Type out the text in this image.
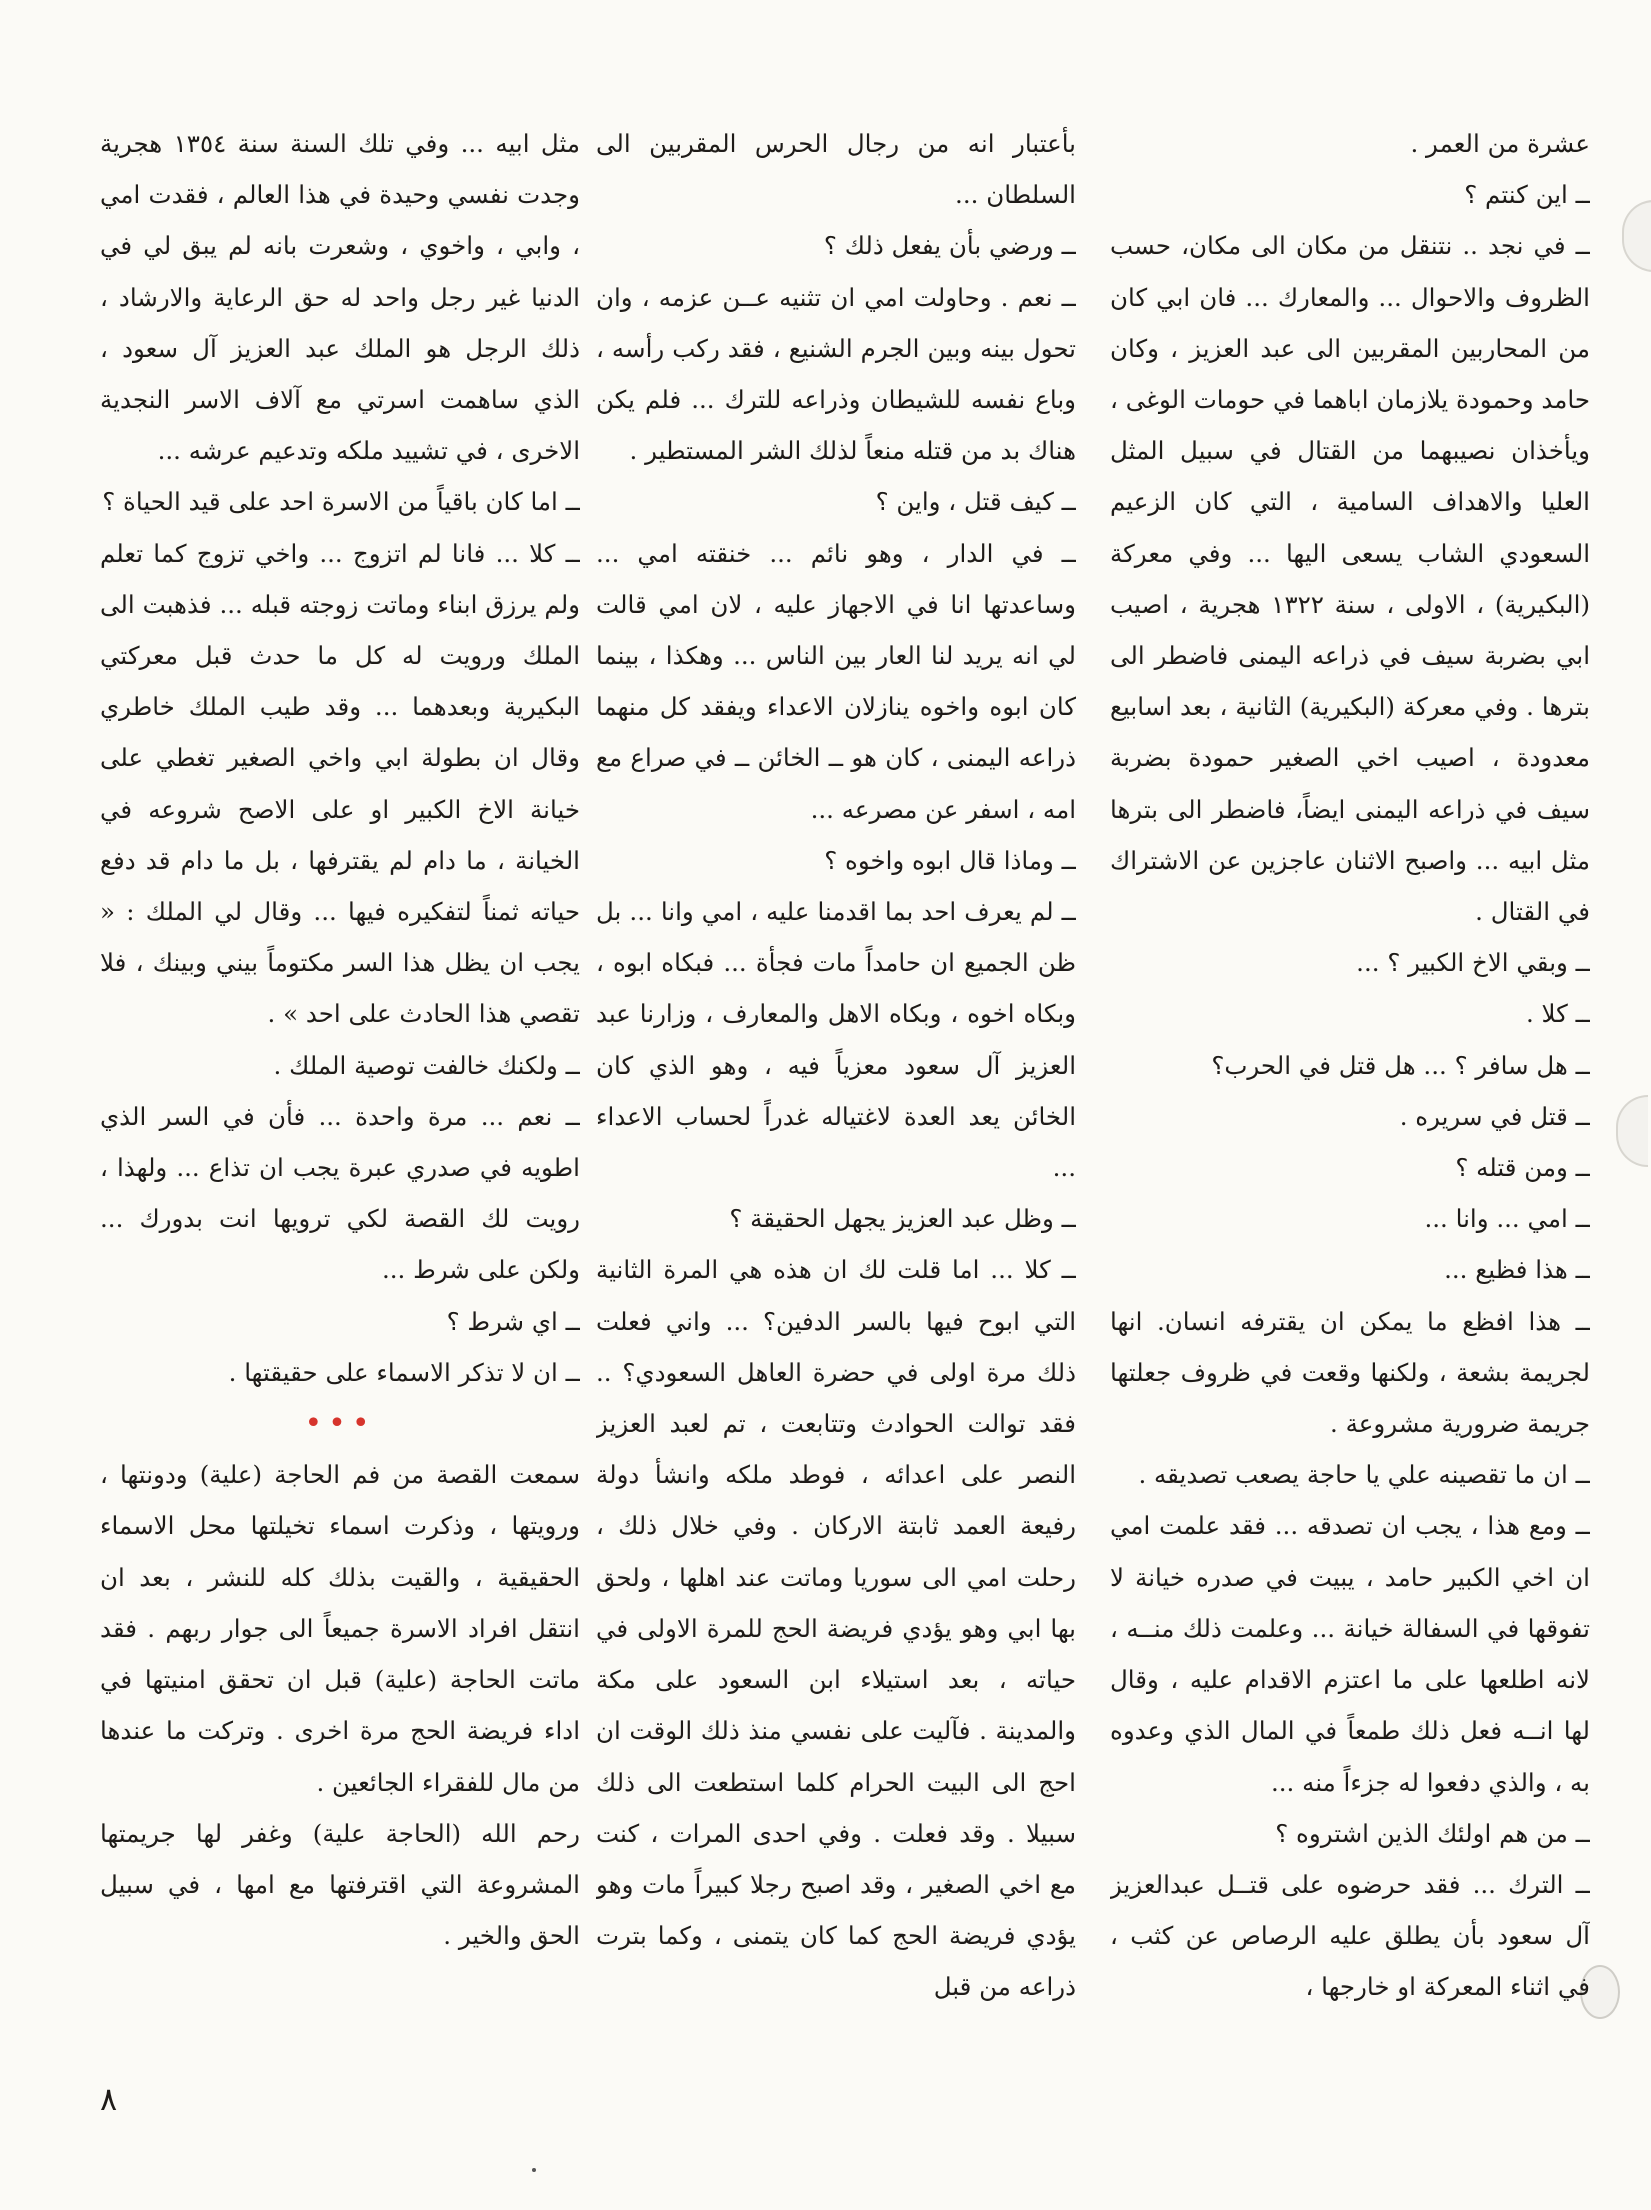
عشرة من العمر .

ــ اين كنتم ؟

ــ في نجد .. نتنقل من مكان الى مكان، حسب الظروف والاحوال ... والمعارك ... فان ابي كان من المحاربين المقربين الى عبد العزيز ، وكان حامد وحمودة يلازمان اباهما في حومات الوغى ، ويأخذان نصيبهما من القتال في سبيل المثل العليا والاهداف السامية ، التي كان الزعيم السعودي الشاب يسعى اليها ... وفي معركة (البكيرية) ، الاولى ، سنة ١٣٢٢ هجرية ، اصيب ابي بضربة سيف في ذراعه اليمنى فاضطر الى بترها . وفي معركة (البكيرية) الثانية ، بعد اسابيع معدودة ، اصيب اخي الصغير حمودة بضربة سيف في ذراعه اليمنى ايضاً، فاضطر الى بترها مثل ابيه ... واصبح الاثنان عاجزين عن الاشتراك في القتال .

ــ وبقي الاخ الكبير ؟ ...

ــ كلا .

ــ هل سافر ؟ ... هل قتل في الحرب؟

ــ قتل في سريره .

ــ ومن قتله ؟

ــ امي ... وانا ...

ــ هذا فظيع ...

ــ هذا افظع ما يمكن ان يقترفه انسان. انها لجريمة بشعة ، ولكنها وقعت في ظروف جعلتها جريمة ضرورية مشروعة .

ــ ان ما تقصينه علي يا حاجة يصعب تصديقه .

ــ ومع هذا ، يجب ان تصدقه ... فقد علمت امي ان اخي الكبير حامد ، يبيت في صدره خيانة لا تفوقها في السفالة خيانة ... وعلمت ذلك منــه ، لانه اطلعها على ما اعتزم الاقدام عليه ، وقال لها انــه فعل ذلك طمعاً في المال الذي وعدوه به ، والذي دفعوا له جزءاً منه ...

ــ من هم اولئك الذين اشتروه ؟

ــ الترك ... فقد حرضوه على قتــل عبدالعزيز آل سعود بأن يطلق عليه الرصاص عن كثب ، في اثناء المعركة او خارجها ،

بأعتبار انه من رجال الحرس المقربين الى السلطان ...

ــ ورضي بأن يفعل ذلك ؟

ــ نعم . وحاولت امي ان تثنيه عــن عزمه ، وان تحول بينه وبين الجرم الشنيع ، فقد ركب رأسه ، وباع نفسه للشيطان وذراعه للترك ... فلم يكن هناك بد من قتله منعاً لذلك الشر المستطير .

ــ كيف قتل ، واين ؟

ــ في الدار ، وهو نائم ... خنقته امي ... وساعدتها انا في الاجهاز عليه ، لان امي قالت لي انه يريد لنا العار بين الناس ... وهكذا ، بينما كان ابوه واخوه ينازلان الاعداء ويفقد كل منهما ذراعه اليمنى ، كان هو ــ الخائن ــ في صراع مع امه ، اسفر عن مصرعه ...

ــ وماذا قال ابوه واخوه ؟

ــ لم يعرف احد بما اقدمنا عليه ، امي وانا ... بل ظن الجميع ان حامداً مات فجأة ... فبكاه ابوه ، وبكاه اخوه ، وبكاه الاهل والمعارف ، وزارنا عبد العزيز آل سعود معزياً فيه ، وهو الذي كان الخائن يعد العدة لاغتياله غدراً لحساب الاعداء ...

ــ وظل عبد العزيز يجهل الحقيقة ؟

ــ كلا ... اما قلت لك ان هذه هي المرة الثانية التي ابوح فيها بالسر الدفين؟ ... واني فعلت ذلك مرة اولى في حضرة العاهل السعودي؟ .. فقد توالت الحوادث وتتابعت ، تم لعبد العزيز النصر على اعدائه ، فوطد ملكه وانشأ دولة رفيعة العمد ثابتة الاركان . وفي خلال ذلك ، رحلت امي الى سوريا وماتت عند اهلها ، ولحق بها ابي وهو يؤدي فريضة الحج للمرة الاولى في حياته ، بعد استيلاء ابن السعود على مكة والمدينة . فآليت على نفسي منذ ذلك الوقت ان احج الى البيت الحرام كلما استطعت الى ذلك سبيلا . وقد فعلت . وفي احدى المرات ، كنت مع اخي الصغير ، وقد اصبح رجلا كبيراً مات وهو يؤدي فريضة الحج كما كان يتمنى ، وكما بترت ذراعه من قبل

مثل ابيه ... وفي تلك السنة سنة ١٣٥٤ هجرية وجدت نفسي وحيدة في هذا العالم ، فقدت امي ، وابي ، واخوي ، وشعرت بانه لم يبق لي في الدنيا غير رجل واحد له حق الرعاية والارشاد ، ذلك الرجل هو الملك عبد العزيز آل سعود ، الذي ساهمت اسرتي مع آلاف الاسر النجدية الاخرى ، في تشييد ملكه وتدعيم عرشه ...

ــ اما كان باقياً من الاسرة احد على قيد الحياة ؟

ــ كلا ... فانا لم اتزوج ... واخي تزوج كما تعلم ولم يرزق ابناء وماتت زوجته قبله ... فذهبت الى الملك ورويت له كل ما حدث قبل معركتي البكيرية وبعدهما ... وقد طيب الملك خاطري وقال ان بطولة ابي واخي الصغير تغطي على خيانة الاخ الكبير او على الاصح شروعه في الخيانة ، ما دام لم يقترفها ، بل ما دام قد دفع حياته ثمناً لتفكيره فيها ... وقال لي الملك : « يجب ان يظل هذا السر مكتوماً بيني وبينك ، فلا تقصي هذا الحادث على احد » .

ــ ولكنك خالفت توصية الملك .

ــ نعم ... مرة واحدة ... فأن في السر الذي اطويه في صدري عبرة يجب ان تذاع ... ولهذا ، رويت لك القصة لكي ترويها انت بدورك ... ولكن على شرط ...

ــ اي شرط ؟

ــ ان لا تذكر الاسماء على حقيقتها .

•••

سمعت القصة من فم الحاجة (علية) ودونتها ، ورويتها ، وذكرت اسماء تخيلتها محل الاسماء الحقيقية ، والقيت بذلك كله للنشر ، بعد ان انتقل افراد الاسرة جميعاً الى جوار ربهم . فقد ماتت الحاجة (علية) قبل ان تحقق امنيتها في اداء فريضة الحج مرة اخرى . وتركت ما عندها من مال للفقراء الجائعين .

رحم الله (الحاجة علية) وغفر لها جريمتها المشروعة التي اقترفتها مع امها ، في سبيل الحق والخير .

٨
